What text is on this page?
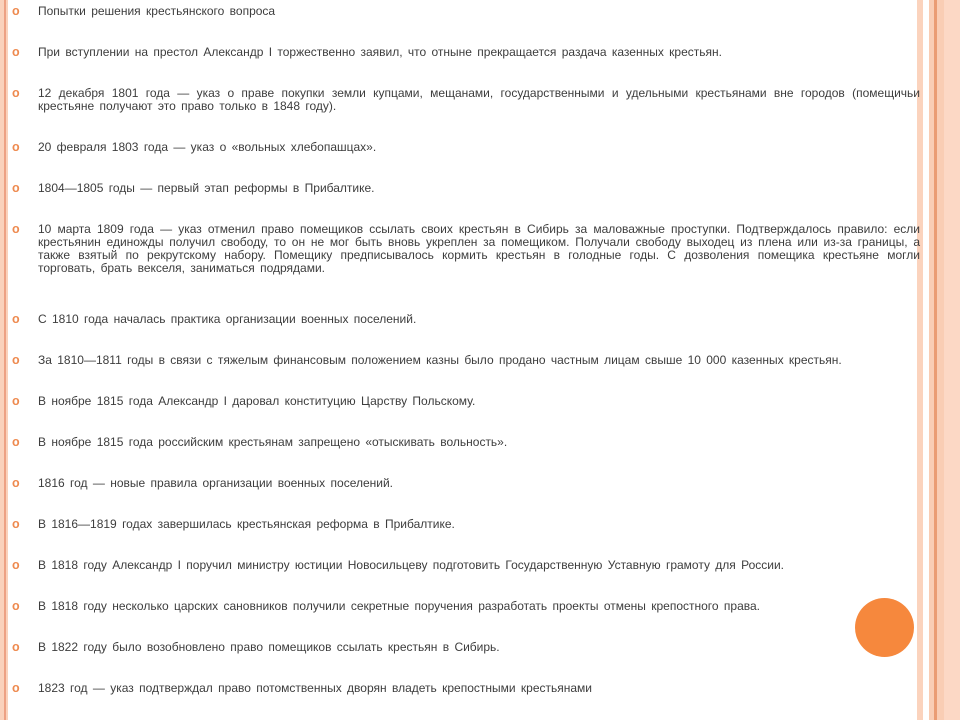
o	Попытки решения крестьянского вопроса
o	При вступлении на престол Александр I торжественно заявил, что отныне прекращается раздача казенных крестьян.
o	12 декабря 1801 года — указ о праве покупки земли купцами, мещанами, государственными и удельными крестьянами вне городов (помещичьи крестьяне получают это право только в 1848 году).
o	20 февраля 1803 года — указ о «вольных хлебопашцах».
o	1804—1805 годы — первый этап реформы в Прибалтике.
o	10 марта 1809 года — указ отменил право помещиков ссылать своих крестьян в Сибирь за маловажные проступки. Подтверждалось правило: если крестьянин единожды получил свободу, то он не мог быть вновь укреплен за помещиком. Получали свободу выходец из плена или из-за границы, а также взятый по рекрутскому набору. Помещику предписывалось кормить крестьян в голодные годы. С дозволения помещика крестьяне могли торговать, брать векселя, заниматься подрядами.
o	С 1810 года началась практика организации военных поселений.
o	За 1810—1811 годы в связи с тяжелым финансовым положением казны было продано частным лицам свыше 10 000 казенных крестьян.
o	В ноябре 1815 года Александр I даровал конституцию Царству Польскому.
o	В ноябре 1815 года российским крестьянам запрещено «отыскивать вольность».
o	1816 год — новые правила организации военных поселений.
o	В 1816—1819 годах завершилась крестьянская реформа в Прибалтике.
o	В 1818 году Александр I поручил министру юстиции Новосильцеву подготовить Государственную Уставную грамоту для России.
o	В 1818 году несколько царских сановников получили секретные поручения разработать проекты отмены крепостного права.
o	В 1822 году было возобновлено право помещиков ссылать крестьян в Сибирь.
o	1823 год — указ подтверждал право потомственных дворян владеть крепостными крестьянами
